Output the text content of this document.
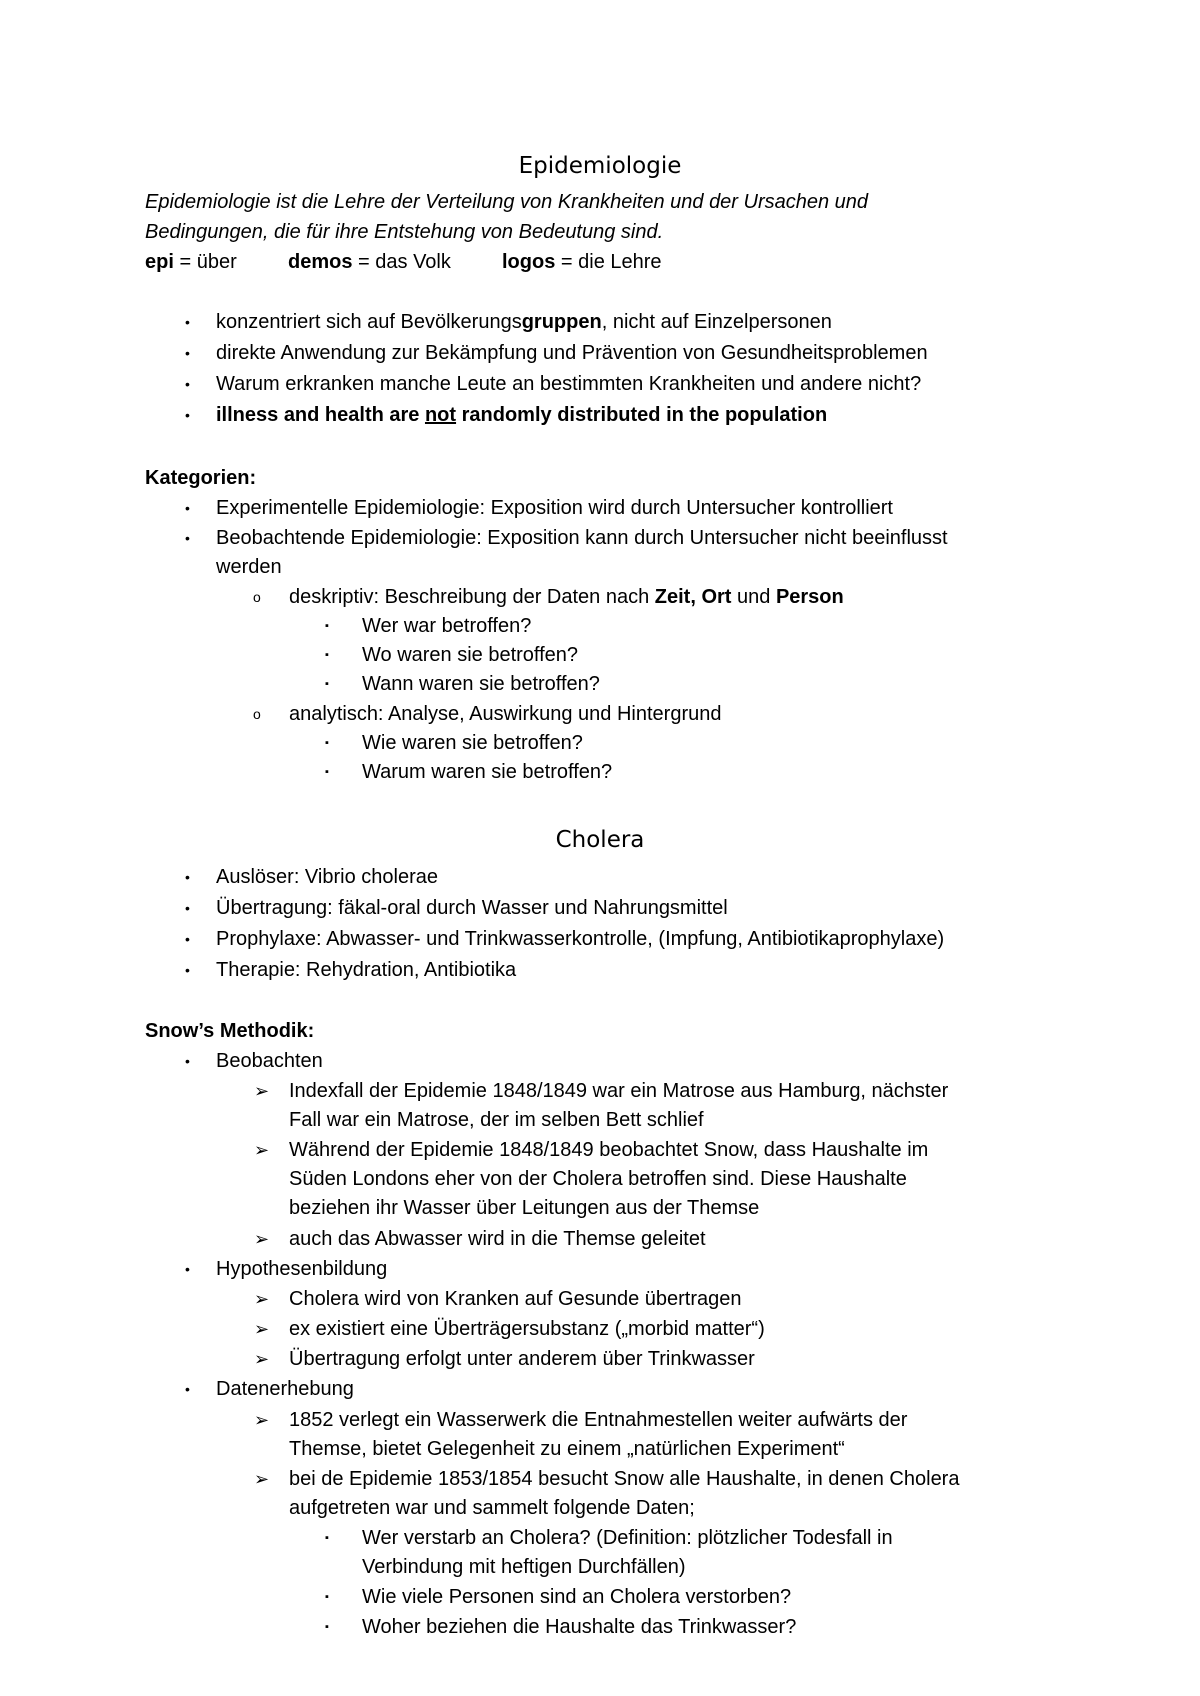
Epidemiologie
Epidemiologie ist die Lehre der Verteilung von Krankheiten und der Ursachen und
Bedingungen, die für ihre Entstehung von Bedeutung sind.
epi = über	demos = das Volk	logos = die Lehre
• konzentriert sich auf Bevölkerungsgruppen, nicht auf Einzelpersonen
• direkte Anwendung zur Bekämpfung und Prävention von Gesundheitsproblemen
• Warum erkranken manche Leute an bestimmten Krankheiten und andere nicht?
• illness and health are not randomly distributed in the population
Kategorien:
• Experimentelle Epidemiologie: Exposition wird durch Untersucher kontrolliert
• Beobachtende Epidemiologie: Exposition kann durch Untersucher nicht beeinflusst
werden
o deskriptiv: Beschreibung der Daten nach Zeit, Ort und Person
▪ Wer war betroffen?
▪ Wo waren sie betroffen?
▪ Wann waren sie betroffen?
o analytisch: Analyse, Auswirkung und Hintergrund
▪ Wie waren sie betroffen?
▪ Warum waren sie betroffen?
Cholera
• Auslöser: Vibrio cholerae
• Übertragung: fäkal-oral durch Wasser und Nahrungsmittel
• Prophylaxe: Abwasser- und Trinkwasserkontrolle, (Impfung, Antibiotikaprophylaxe)
• Therapie: Rehydration, Antibiotika
Snow’s Methodik:
• Beobachten
➢ Indexfall der Epidemie 1848/1849 war ein Matrose aus Hamburg, nächster
Fall war ein Matrose, der im selben Bett schlief
➢ Während der Epidemie 1848/1849 beobachtet Snow, dass Haushalte im
Süden Londons eher von der Cholera betroffen sind. Diese Haushalte
beziehen ihr Wasser über Leitungen aus der Themse
➢ auch das Abwasser wird in die Themse geleitet
• Hypothesenbildung
➢ Cholera wird von Kranken auf Gesunde übertragen
➢ ex existiert eine Überträgersubstanz („morbid matter“)
➢ Übertragung erfolgt unter anderem über Trinkwasser
• Datenerhebung
➢ 1852 verlegt ein Wasserwerk die Entnahmestellen weiter aufwärts der
Themse, bietet Gelegenheit zu einem „natürlichen Experiment“
➢ bei de Epidemie 1853/1854 besucht Snow alle Haushalte, in denen Cholera
aufgetreten war und sammelt folgende Daten;
▪ Wer verstarb an Cholera? (Definition: plötzlicher Todesfall in
Verbindung mit heftigen Durchfällen)
▪ Wie viele Personen sind an Cholera verstorben?
▪ Woher beziehen die Haushalte das Trinkwasser?
